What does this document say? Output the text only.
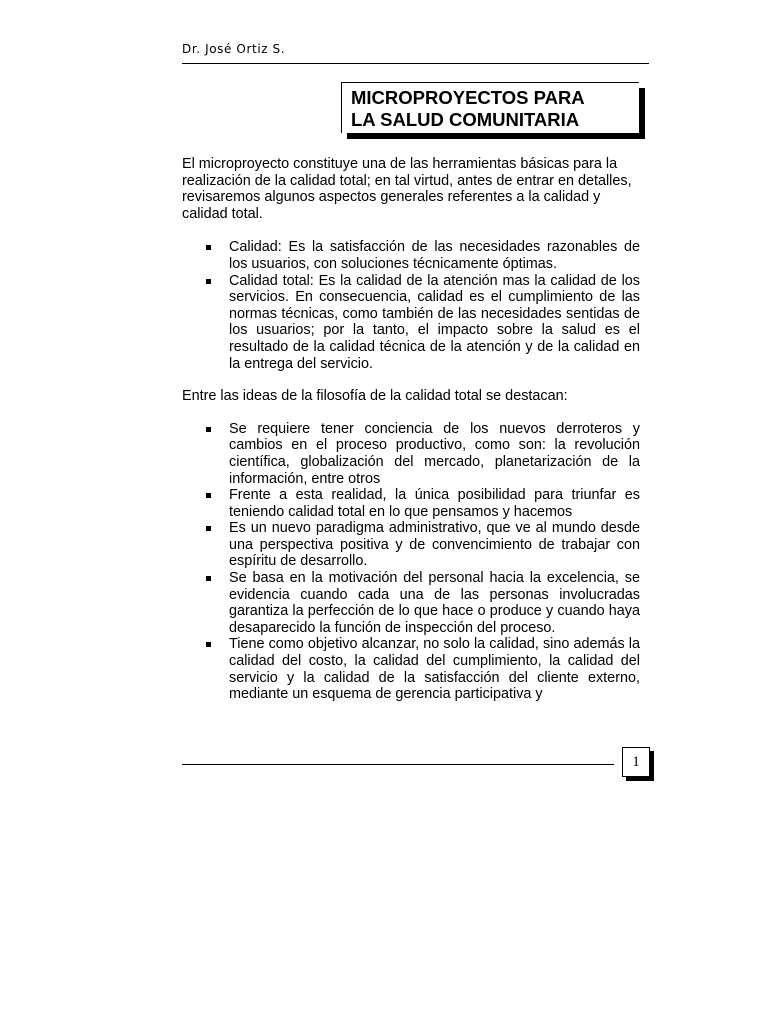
Dr. José Ortiz S.

MICROPROYECTOS PARA

LA SALUD COMUNITARIA

El microproyecto constituye una de las herramientas básicas para la realización de la calidad total; en tal virtud, antes de entrar en detalles, revisaremos algunos aspectos generales referentes a la calidad y calidad total.

Calidad: Es la satisfacción de las necesidades razonables de los usuarios, con soluciones técnicamente óptimas.
Calidad total: Es la calidad de la atención mas la calidad de los servicios. En consecuencia, calidad es el cumplimiento de las normas técnicas, como también de las necesidades sentidas de los usuarios; por la tanto, el impacto sobre la salud es el resultado de la calidad técnica de la atención y de la calidad en la entrega del servicio.

Entre las ideas de la filosofía de la calidad total se destacan:

Se requiere tener conciencia de los nuevos derroteros y cambios en el proceso productivo, como son: la revolución científica, globalización del mercado, planetarización de la información, entre otros
Frente a esta realidad, la única posibilidad para triunfar es teniendo calidad total en lo que pensamos y hacemos
Es un nuevo paradigma administrativo, que ve al mundo desde una perspectiva positiva y de convencimiento de trabajar con espíritu de desarrollo.
Se basa en la motivación del personal hacia la excelencia, se evidencia cuando cada una de las personas involucradas garantiza la perfección de lo que hace o produce y cuando haya desaparecido la función de inspección del proceso.
Tiene como objetivo alcanzar, no solo la calidad, sino además la calidad del costo, la calidad del cumplimiento, la calidad del servicio y la calidad de la satisfacción del cliente externo, mediante un esquema de gerencia participativa y
1
